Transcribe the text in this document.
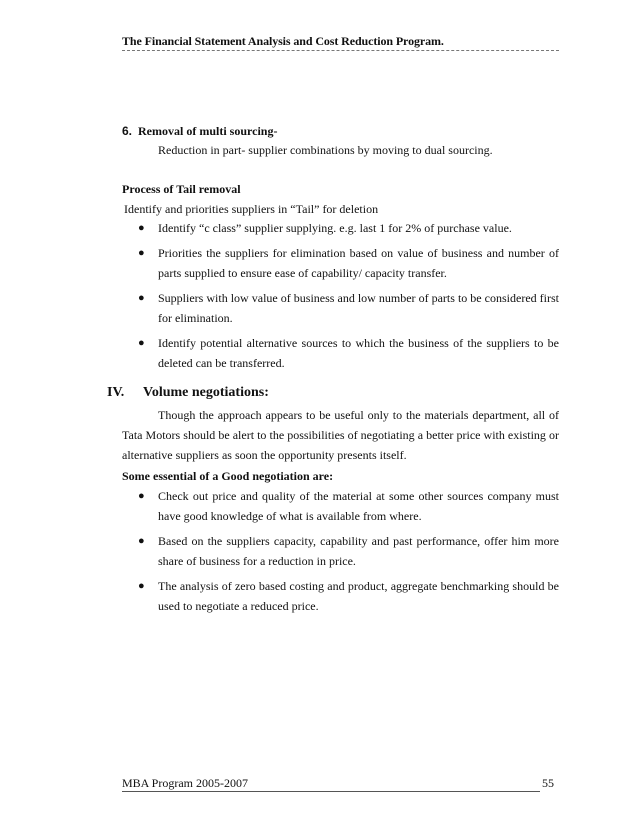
The Financial Statement Analysis and Cost Reduction Program.
6. Removal of multi sourcing-
Reduction in part- supplier combinations by moving to dual sourcing.
Process of Tail removal
Identify and priorities suppliers in “Tail” for deletion
● Identify “c class” supplier supplying. e.g. last 1 for 2% of purchase value.
● Priorities the suppliers for elimination based on value of business and number of parts supplied to ensure ease of capability/ capacity transfer.
● Suppliers with low value of business and low number of parts to be considered first for elimination.
● Identify potential alternative sources to which the business of the suppliers to be deleted can be transferred.
IV. Volume negotiations:
Though the approach appears to be useful only to the materials department, all of Tata Motors should be alert to the possibilities of negotiating a better price with existing or alternative suppliers as soon the opportunity presents itself.
Some essential of a Good negotiation are:
● Check out price and quality of the material at some other sources company must have good knowledge of what is available from where.
● Based on the suppliers capacity, capability and past performance, offer him more share of business for a reduction in price.
● The analysis of zero based costing and product, aggregate benchmarking should be used to negotiate a reduced price.
MBA Program 2005-2007	55
